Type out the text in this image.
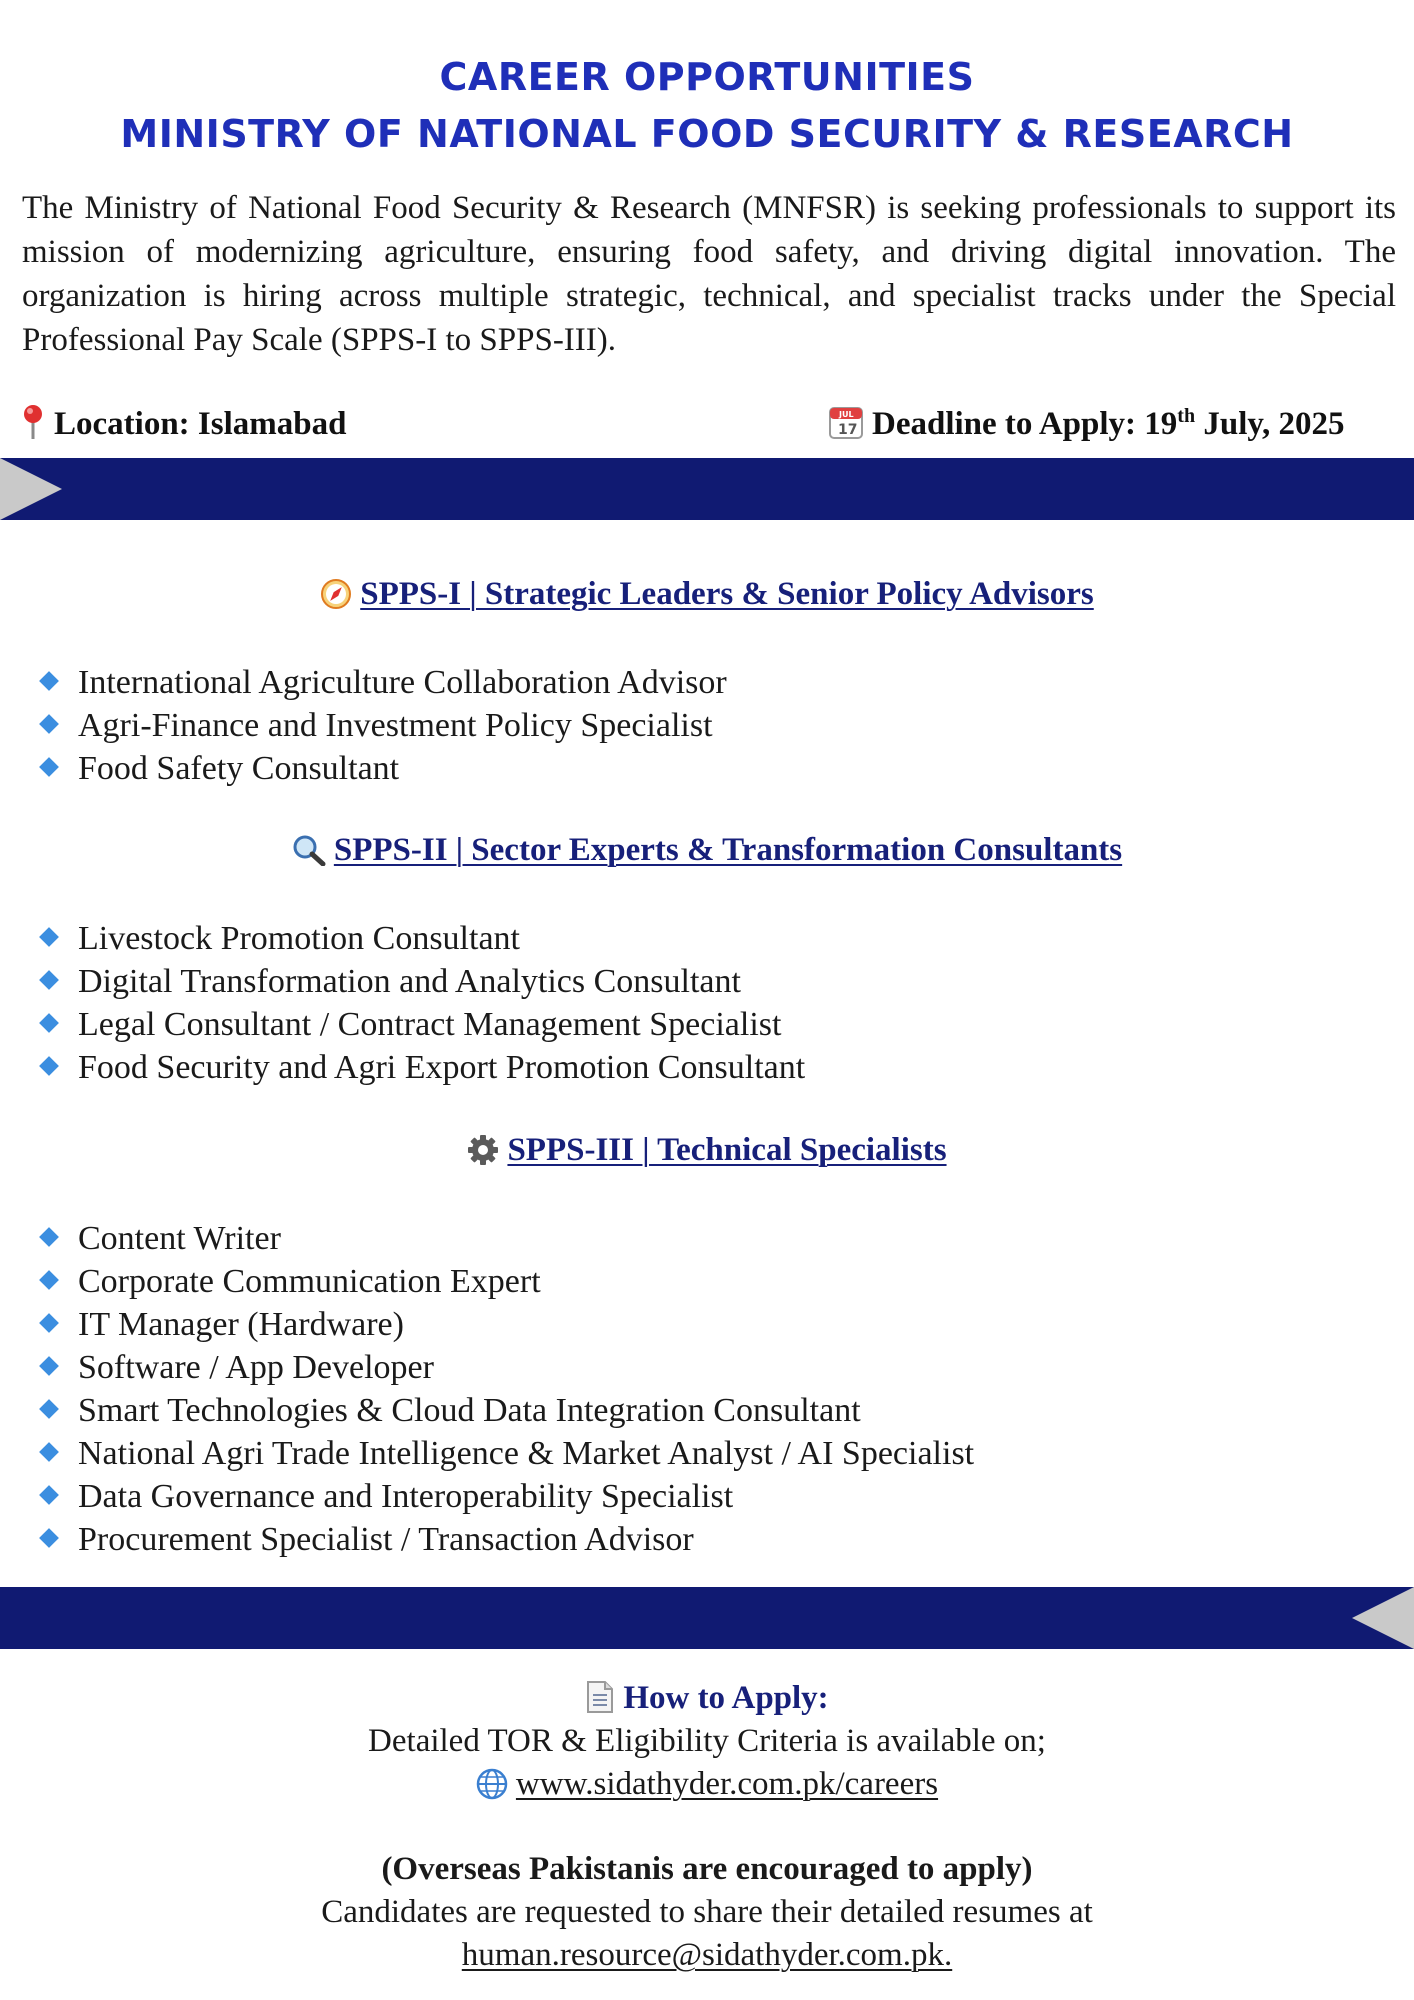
CAREER OPPORTUNITIES
MINISTRY OF NATIONAL FOOD SECURITY & RESEARCH
The Ministry of National Food Security & Research (MNFSR) is seeking professionals to support its mission of modernizing agriculture, ensuring food safety, and driving digital innovation. The organization is hiring across multiple strategic, technical, and specialist tracks under the Special Professional Pay Scale (SPPS-I to SPPS-III).
Location: Islamabad	JUL
17 Deadline to Apply: 19th July, 2025
SPPS-I | Strategic Leaders & Senior Policy Advisors
International Agriculture Collaboration Advisor
Agri-Finance and Investment Policy Specialist
Food Safety Consultant
SPPS-II | Sector Experts & Transformation Consultants
Livestock Promotion Consultant
Digital Transformation and Analytics Consultant
Legal Consultant / Contract Management Specialist
Food Security and Agri Export Promotion Consultant
SPPS-III | Technical Specialists
Content Writer
Corporate Communication Expert
IT Manager (Hardware)
Software / App Developer
Smart Technologies & Cloud Data Integration Consultant
National Agri Trade Intelligence & Market Analyst / AI Specialist
Data Governance and Interoperability Specialist
Procurement Specialist / Transaction Advisor
How to Apply:
Detailed TOR & Eligibility Criteria is available on;
www.sidathyder.com.pk/careers
(Overseas Pakistanis are encouraged to apply)
Candidates are requested to share their detailed resumes at
human.resource@sidathyder.com.pk.
